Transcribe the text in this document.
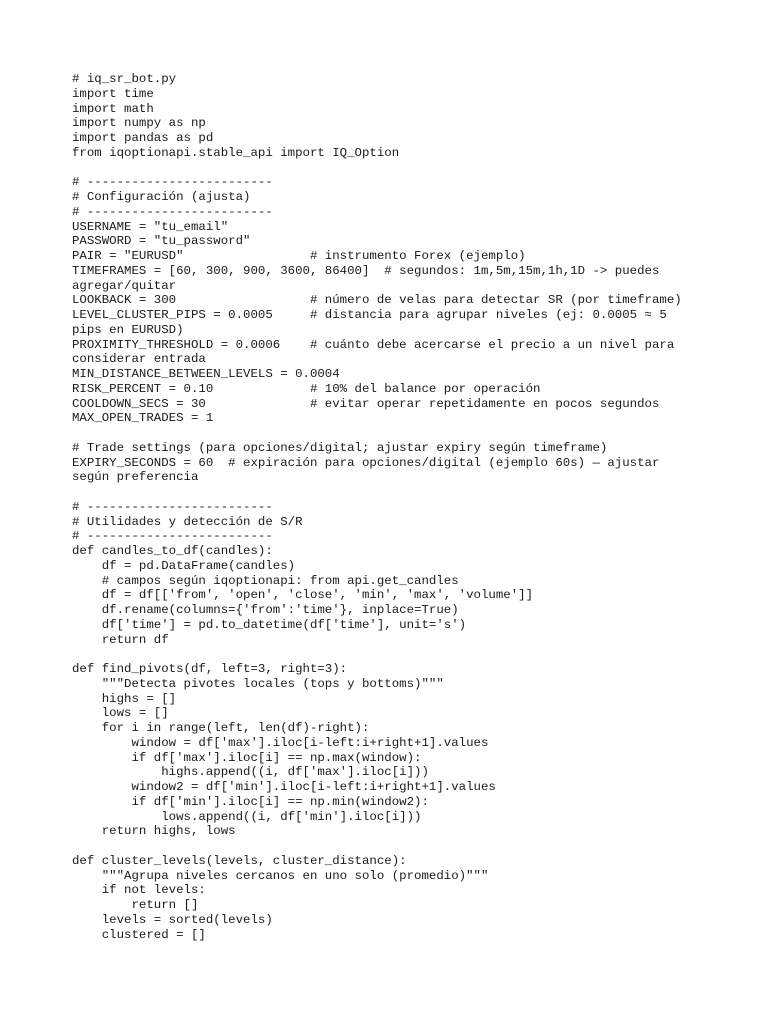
# iq_sr_bot.py
import time
import math
import numpy as np
import pandas as pd
from iqoptionapi.stable_api import IQ_Option
# -------------------------
# Configuración (ajusta)
# -------------------------
USERNAME = "tu_email"
PASSWORD = "tu_password"
PAIR = "EURUSD"                 # instrumento Forex (ejemplo)
TIMEFRAMES = [60, 300, 900, 3600, 86400]  # segundos: 1m,5m,15m,1h,1D -> puedes
agregar/quitar
LOOKBACK = 300                  # número de velas para detectar SR (por timeframe)
LEVEL_CLUSTER_PIPS = 0.0005     # distancia para agrupar niveles (ej: 0.0005 ≈ 5
pips en EURUSD)
PROXIMITY_THRESHOLD = 0.0006    # cuánto debe acercarse el precio a un nivel para
considerar entrada
MIN_DISTANCE_BETWEEN_LEVELS = 0.0004
RISK_PERCENT = 0.10             # 10% del balance por operación
COOLDOWN_SECS = 30              # evitar operar repetidamente en pocos segundos
MAX_OPEN_TRADES = 1
# Trade settings (para opciones/digital; ajustar expiry según timeframe)
EXPIRY_SECONDS = 60  # expiración para opciones/digital (ejemplo 60s) — ajustar
según preferencia
# -------------------------
# Utilidades y detección de S/R
# -------------------------
def candles_to_df(candles):
df = pd.DataFrame(candles)
# campos según iqoptionapi: from api.get_candles
df = df[['from', 'open', 'close', 'min', 'max', 'volume']]
df.rename(columns={'from':'time'}, inplace=True)
df['time'] = pd.to_datetime(df['time'], unit='s')
return df
def find_pivots(df, left=3, right=3):
"""Detecta pivotes locales (tops y bottoms)"""
highs = []
lows = []
for i in range(left, len(df)-right):
window = df['max'].iloc[i-left:i+right+1].values
if df['max'].iloc[i] == np.max(window):
highs.append((i, df['max'].iloc[i]))
window2 = df['min'].iloc[i-left:i+right+1].values
if df['min'].iloc[i] == np.min(window2):
lows.append((i, df['min'].iloc[i]))
return highs, lows
def cluster_levels(levels, cluster_distance):
"""Agrupa niveles cercanos en uno solo (promedio)"""
if not levels:
return []
levels = sorted(levels)
clustered = []
